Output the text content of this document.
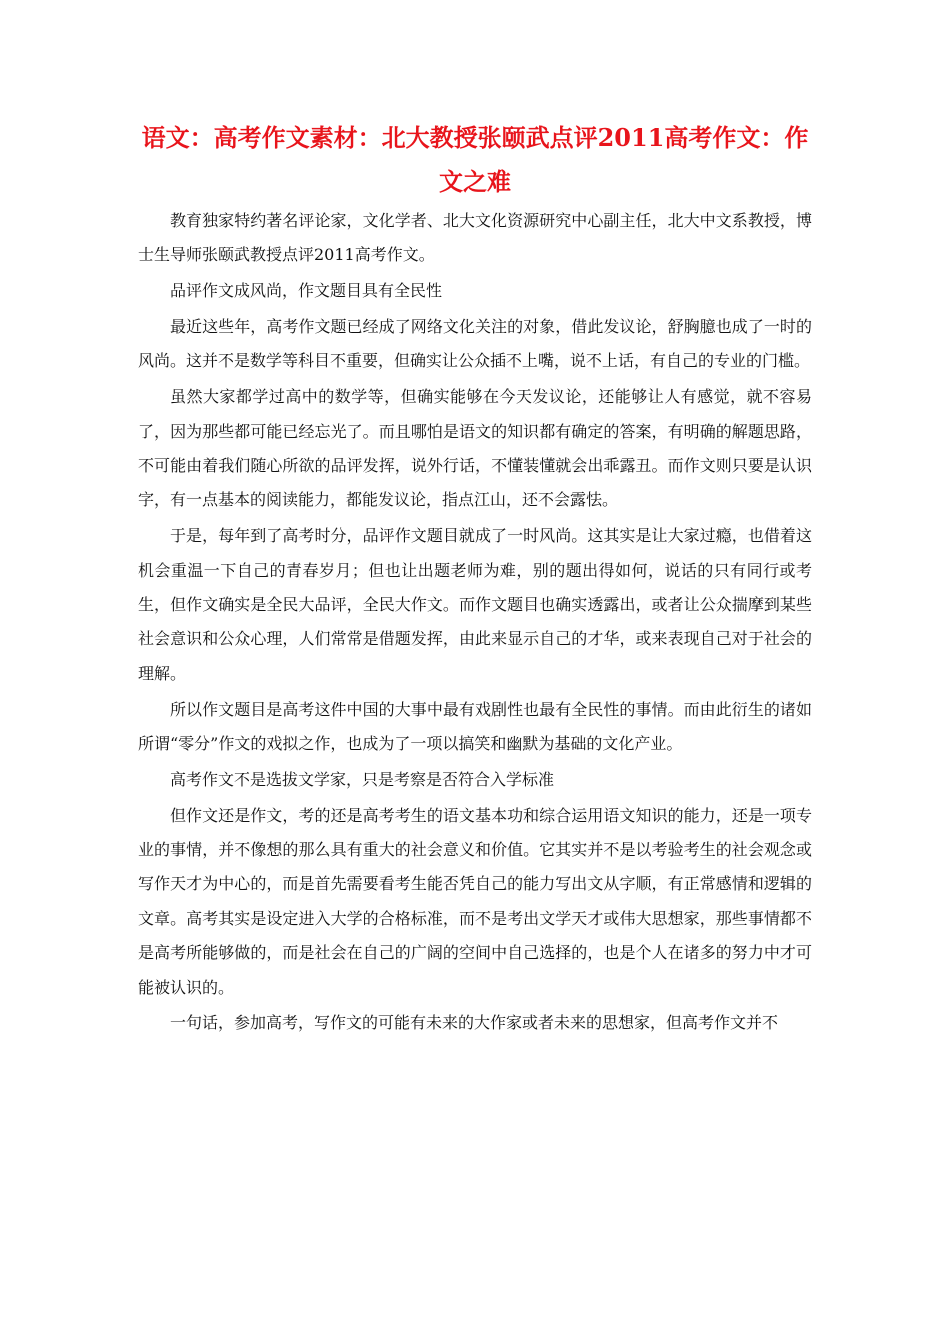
语文：高考作文素材：北大教授张颐武点评2011高考作文：作文之难

教育独家特约著名评论家，文化学者、北大文化资源研究中心副主任，北大中文系教授，博士生导师张颐武教授点评2011高考作文。

品评作文成风尚，作文题目具有全民性

最近这些年，高考作文题已经成了网络文化关注的对象，借此发议论，舒胸臆也成了一时的风尚。这并不是数学等科目不重要，但确实让公众插不上嘴，说不上话，有自己的专业的门槛。

虽然大家都学过高中的数学等，但确实能够在今天发议论，还能够让人有感觉，就不容易了，因为那些都可能已经忘光了。而且哪怕是语文的知识都有确定的答案，有明确的解题思路，不可能由着我们随心所欲的品评发挥，说外行话，不懂装懂就会出乖露丑。而作文则只要是认识字，有一点基本的阅读能力，都能发议论，指点江山，还不会露怯。

于是，每年到了高考时分，品评作文题目就成了一时风尚。这其实是让大家过瘾，也借着这机会重温一下自己的青春岁月；但也让出题老师为难，别的题出得如何，说话的只有同行或考生，但作文确实是全民大品评，全民大作文。而作文题目也确实透露出，或者让公众揣摩到某些社会意识和公众心理，人们常常是借题发挥，由此来显示自己的才华，或来表现自己对于社会的理解。

所以作文题目是高考这件中国的大事中最有戏剧性也最有全民性的事情。而由此衍生的诸如所谓“零分”作文的戏拟之作，也成为了一项以搞笑和幽默为基础的文化产业。

高考作文不是选拔文学家，只是考察是否符合入学标准

但作文还是作文，考的还是高考考生的语文基本功和综合运用语文知识的能力，还是一项专业的事情，并不像想的那么具有重大的社会意义和价值。它其实并不是以考验考生的社会观念或写作天才为中心的，而是首先需要看考生能否凭自己的能力写出文从字顺，有正常感情和逻辑的文章。高考其实是设定进入大学的合格标准，而不是考出文学天才或伟大思想家，那些事情都不是高考所能够做的，而是社会在自己的广阔的空间中自己选择的，也是个人在诸多的努力中才可能被认识的。

一句话，参加高考，写作文的可能有未来的大作家或者未来的思想家，但高考作文并不
